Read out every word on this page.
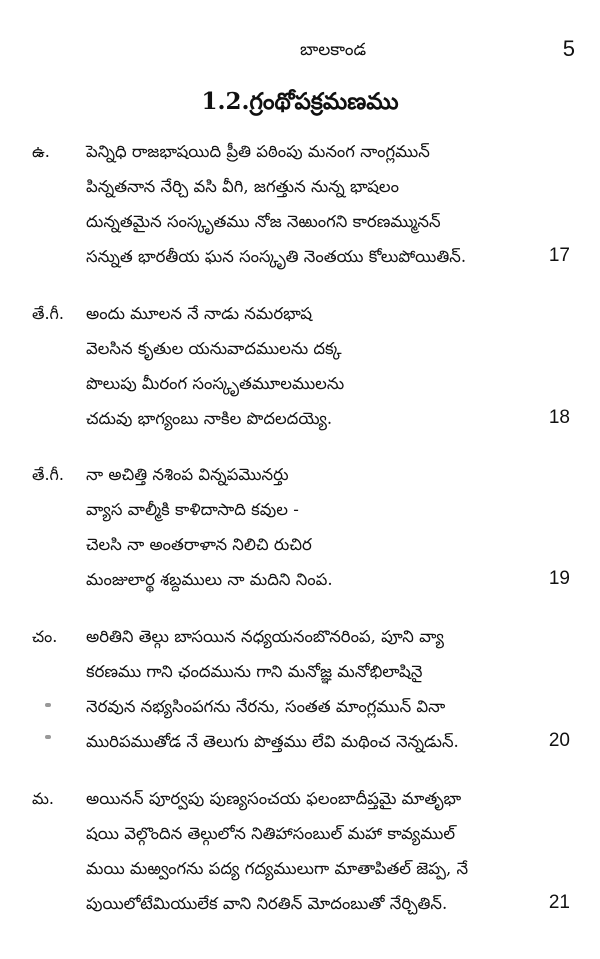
బాలకాండ	5
1.2.గ్రంథోపక్రమణము
ఉ. పెన్నిధి రాజభాషయిది ప్రీతి పఠింపు మనంగ నాంగ్లమున్
పిన్నతనాన నేర్చి వసి వీగి, జగత్తున నున్న భాషలం
దున్నతమైన సంస్కృతము నోజ నెఱుంగని కారణమ్మునన్
సన్నుత భారతీయ ఘన సంస్కృతి నెంతయు కోలుపోయితిన్.	17
తే.గీ. అందు మూలన నే నాడు నమరభాష
వెలసిన కృతుల యనువాదములను దక్క
పొలుపు మీరంగ సంస్కృతమూలములను
చదువు భాగ్యంబు నాకిల పొదలదయ్యె.	18
తే.గీ. నా అచిత్తి నశింప విన్నపమొనర్తు
వ్యాస వాల్మీకి కాళిదాసాది కవుల -
చెలసి నా అంతరాళాన నిలిచి రుచిర
మంజులార్థ శబ్దములు నా మదిని నింప.	19
చం. అరితిని తెల్గు బాసయిన నధ్యయనంబొనరింప, పూని వ్యా
కరణము గాని ఛందమును గాని మనోజ్ఞ మనోభిలాషినై
నెరవున నభ్యసింపగను నేరను, సంతత మాంగ్లమున్ వినా
మురిపముతోడ నే తెలుగు పొత్తము లేవి మథించ నెన్నడున్.	20
మ. అయినన్ పూర్వపు పుణ్యసంచయ ఫలంబాదీప్తమై మాతృభా
షయి వెల్గొందిన తెల్గులోన నితిహాసంబుల్ మహా కావ్యముల్
మయి మఱ్వంగను పద్య గద్యములుగా మాతాపితల్ జెప్ప, నే
పుయిలోటేమియులేక వాని నిరతిన్ మోదంబుతో నేర్చితిన్.	21
